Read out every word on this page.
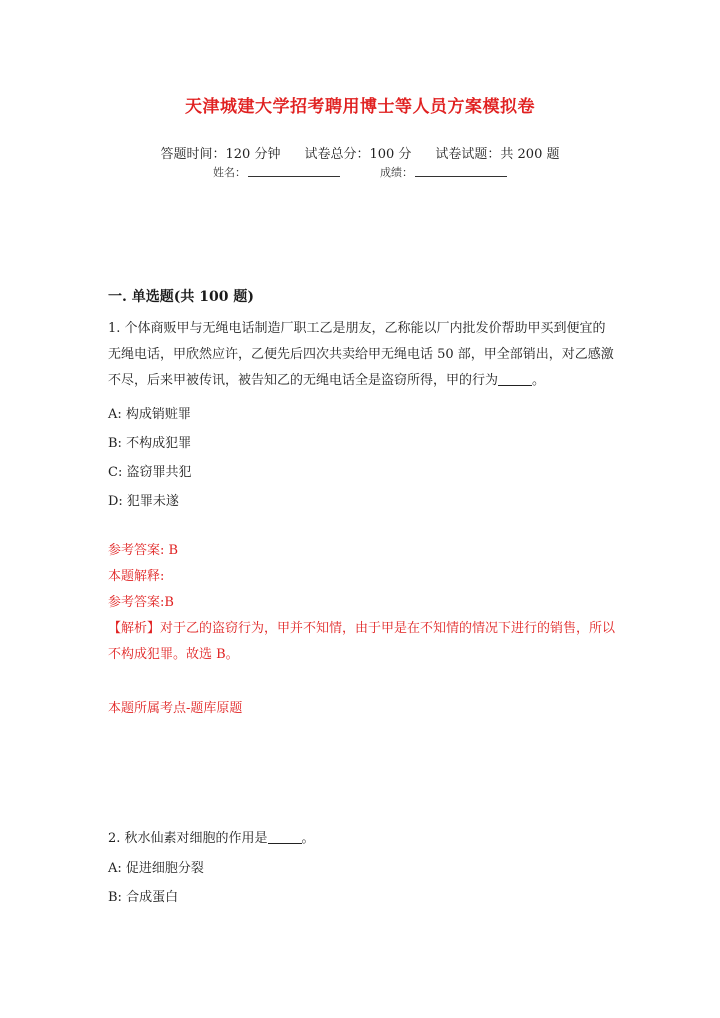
天津城建大学招考聘用博士等人员方案模拟卷
答题时间：120 分钟 试卷总分：100 分 试卷试题：共 200 题
姓名：	成绩：
一. 单选题(共 100 题)
1. 个体商贩甲与无绳电话制造厂职工乙是朋友，乙称能以厂内批发价帮助甲买到便宜的无绳电话，甲欣然应许，乙便先后四次共卖给甲无绳电话 50 部，甲全部销出，对乙感激不尽，后来甲被传讯，被告知乙的无绳电话全是盗窃所得，甲的行为	。
A: 构成销赃罪
B: 不构成犯罪
C: 盗窃罪共犯
D: 犯罪未遂
参考答案: B
本题解释:
参考答案:B
【解析】对于乙的盗窃行为，甲并不知情，由于甲是在不知情的情况下进行的销售，所以不构成犯罪。故选 B。
本题所属考点-题库原题
2. 秋水仙素对细胞的作用是	。
A: 促进细胞分裂
B: 合成蛋白
